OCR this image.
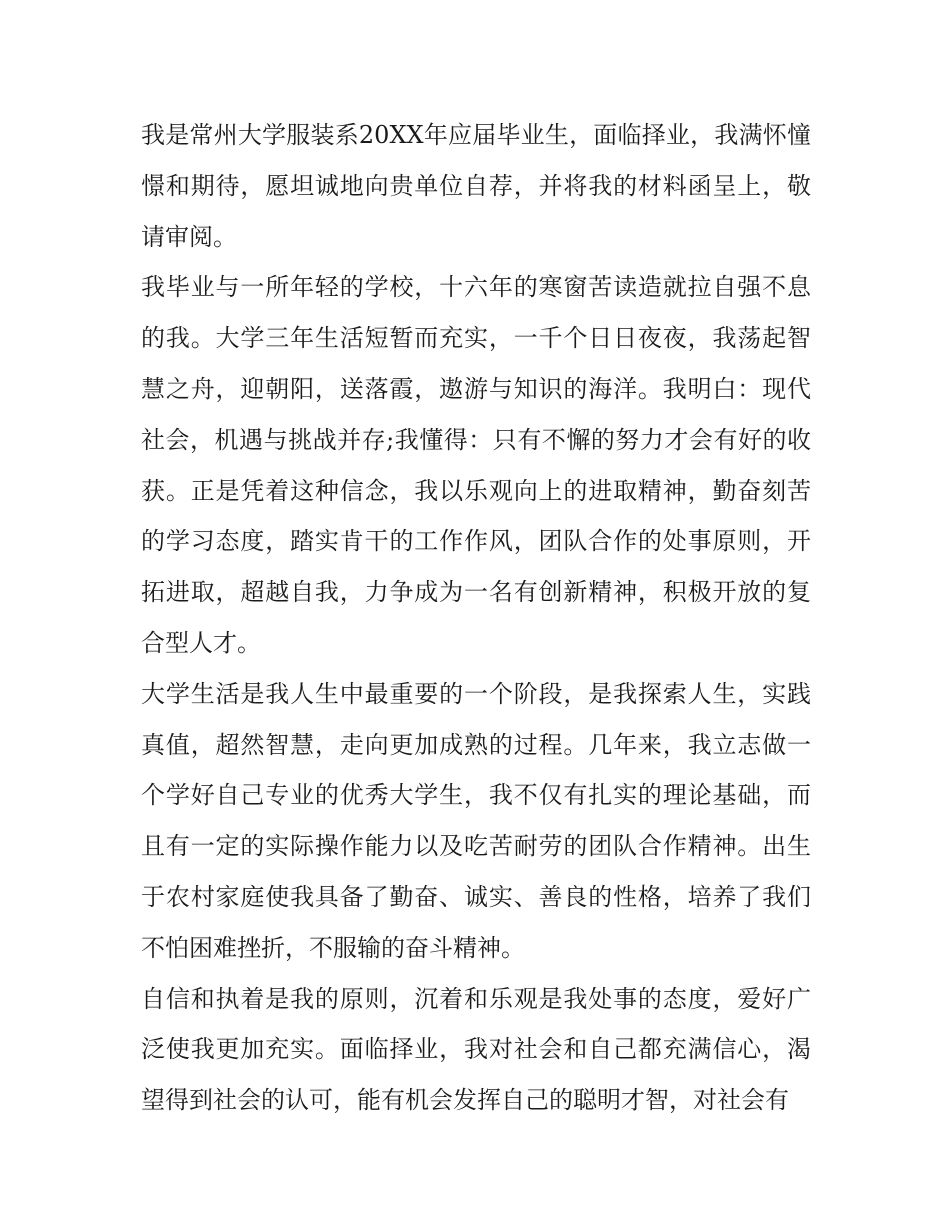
我是常州大学服装系20XX年应届毕业生，面临择业，我满怀憧憬和期待，愿坦诚地向贵单位自荐，并将我的材料函呈上，敬请审阅。

我毕业与一所年轻的学校，十六年的寒窗苦读造就拉自强不息的我。大学三年生活短暂而充实，一千个日日夜夜，我荡起智慧之舟，迎朝阳，送落霞，遨游与知识的海洋。我明白：现代社会，机遇与挑战并存;我懂得：只有不懈的努力才会有好的收获。正是凭着这种信念，我以乐观向上的进取精神，勤奋刻苦的学习态度，踏实肯干的工作作风，团队合作的处事原则，开拓进取，超越自我，力争成为一名有创新精神，积极开放的复合型人才。

大学生活是我人生中最重要的一个阶段，是我探索人生，实践真值，超然智慧，走向更加成熟的过程。几年来，我立志做一个学好自己专业的优秀大学生，我不仅有扎实的理论基础，而且有一定的实际操作能力以及吃苦耐劳的团队合作精神。出生于农村家庭使我具备了勤奋、诚实、善良的性格，培养了我们不怕困难挫折，不服输的奋斗精神。

自信和执着是我的原则，沉着和乐观是我处事的态度，爱好广泛使我更加充实。面临择业，我对社会和自己都充满信心，渴望得到社会的认可，能有机会发挥自己的聪明才智，对社会有
